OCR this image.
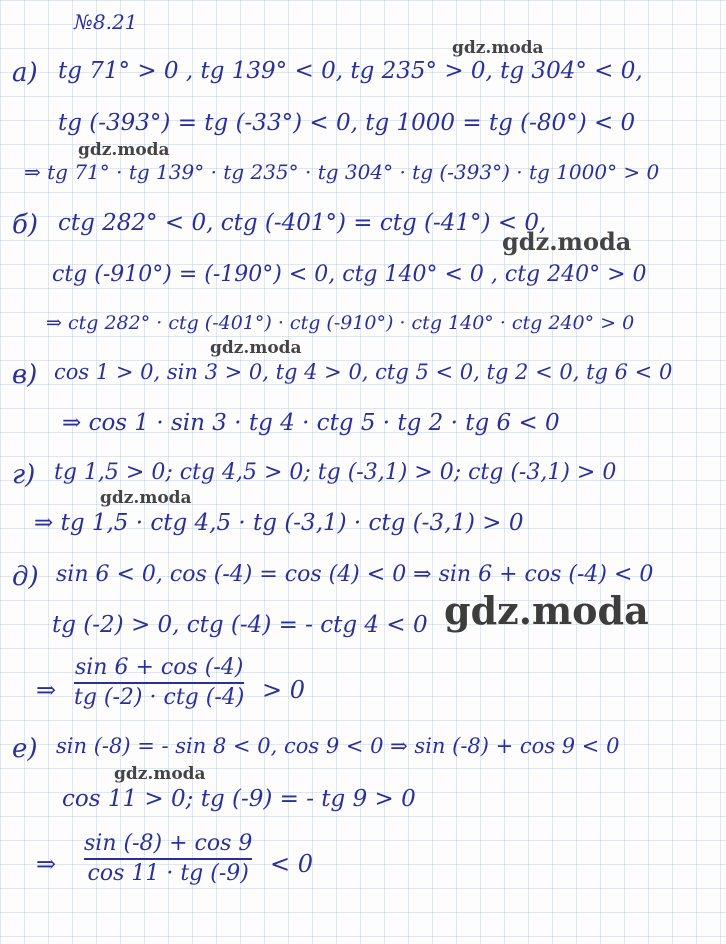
№8.21
а) tg 71° > 0 , tg 139° < 0, tg 235° > 0, tg 304° < 0,
tg (-393°) = tg (-33°) < 0, tg 1000 = tg (-80°) < 0
⇒ tg 71° · tg 139° · tg 235° · tg 304° · tg (-393°) · tg 1000° > 0
б) ctg 282° < 0, ctg (-401°) = ctg (-41°) < 0,
ctg (-910°) = (-190°) < 0, ctg 140° < 0 , ctg 240° > 0
⇒ ctg 282° · ctg (-401°) · ctg (-910°) · ctg 140° · ctg 240° > 0
в) cos 1 > 0, sin 3 > 0, tg 4 > 0, ctg 5 < 0, tg 2 < 0, tg 6 < 0
⇒ cos 1 · sin 3 · tg 4 · ctg 5 · tg 2 · tg 6 < 0
г) tg 1,5 > 0; ctg 4,5 > 0; tg (-3,1) > 0; ctg (-3,1) > 0
⇒ tg 1,5 · ctg 4,5 · tg (-3,1) · ctg (-3,1) > 0
д) sin 6 < 0, cos (-4) = cos (4) < 0 ⇒ sin 6 + cos (-4) < 0
tg (-2) > 0, ctg (-4) = - ctg 4 < 0
⇒
sin 6 + cos (-4)
tg (-2) · ctg (-4) > 0
е) sin (-8) = - sin 8 < 0, cos 9 < 0 ⇒ sin (-8) + cos 9 < 0
cos 11 > 0; tg (-9) = - tg 9 > 0
⇒
sin (-8) + cos 9
cos 11 · tg (-9) < 0
gdz.moda
gdz.moda
gdz.moda
gdz.moda
gdz.moda
gdz.moda
gdz.moda
